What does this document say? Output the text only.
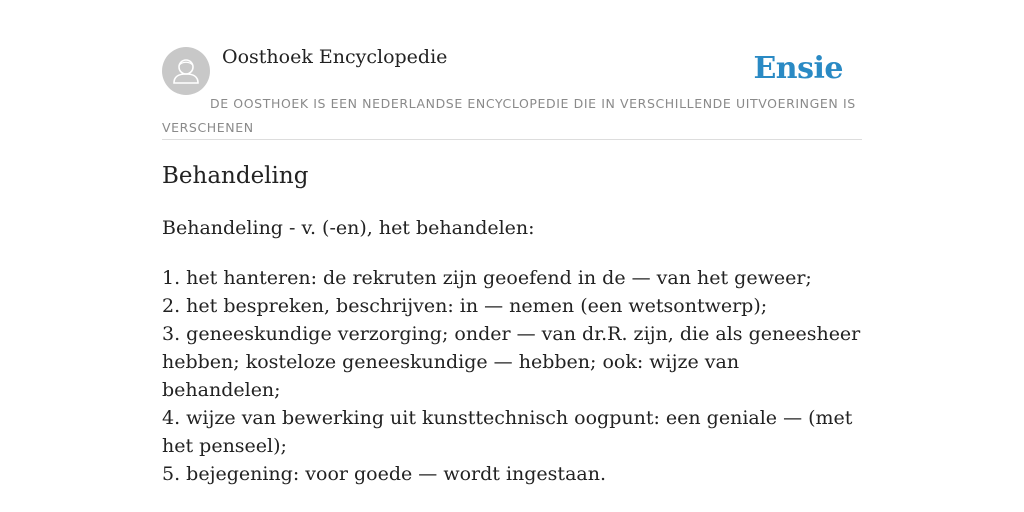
Oosthoek Encyclopedie	Ensie
DE OOSTHOEK IS EEN NEDERLANDSE ENCYCLOPEDIE DIE IN VERSCHILLENDE UITVOERINGEN IS VERSCHENEN
Behandeling

Behandeling - v. (-en), het behandelen:

1. het hanteren: de rekruten zijn geoefend in de — van het geweer;
2. het bespreken, beschrijven: in — nemen (een wetsontwerp);
3. geneeskundige verzorging; onder — van dr.R. zijn, die als geneesheer hebben; kosteloze geneeskundige — hebben; ook: wijze van behandelen;
4. wijze van bewerking uit kunsttechnisch oogpunt: een geniale — (met het penseel);
5. bejegening: voor goede — wordt ingestaan.
